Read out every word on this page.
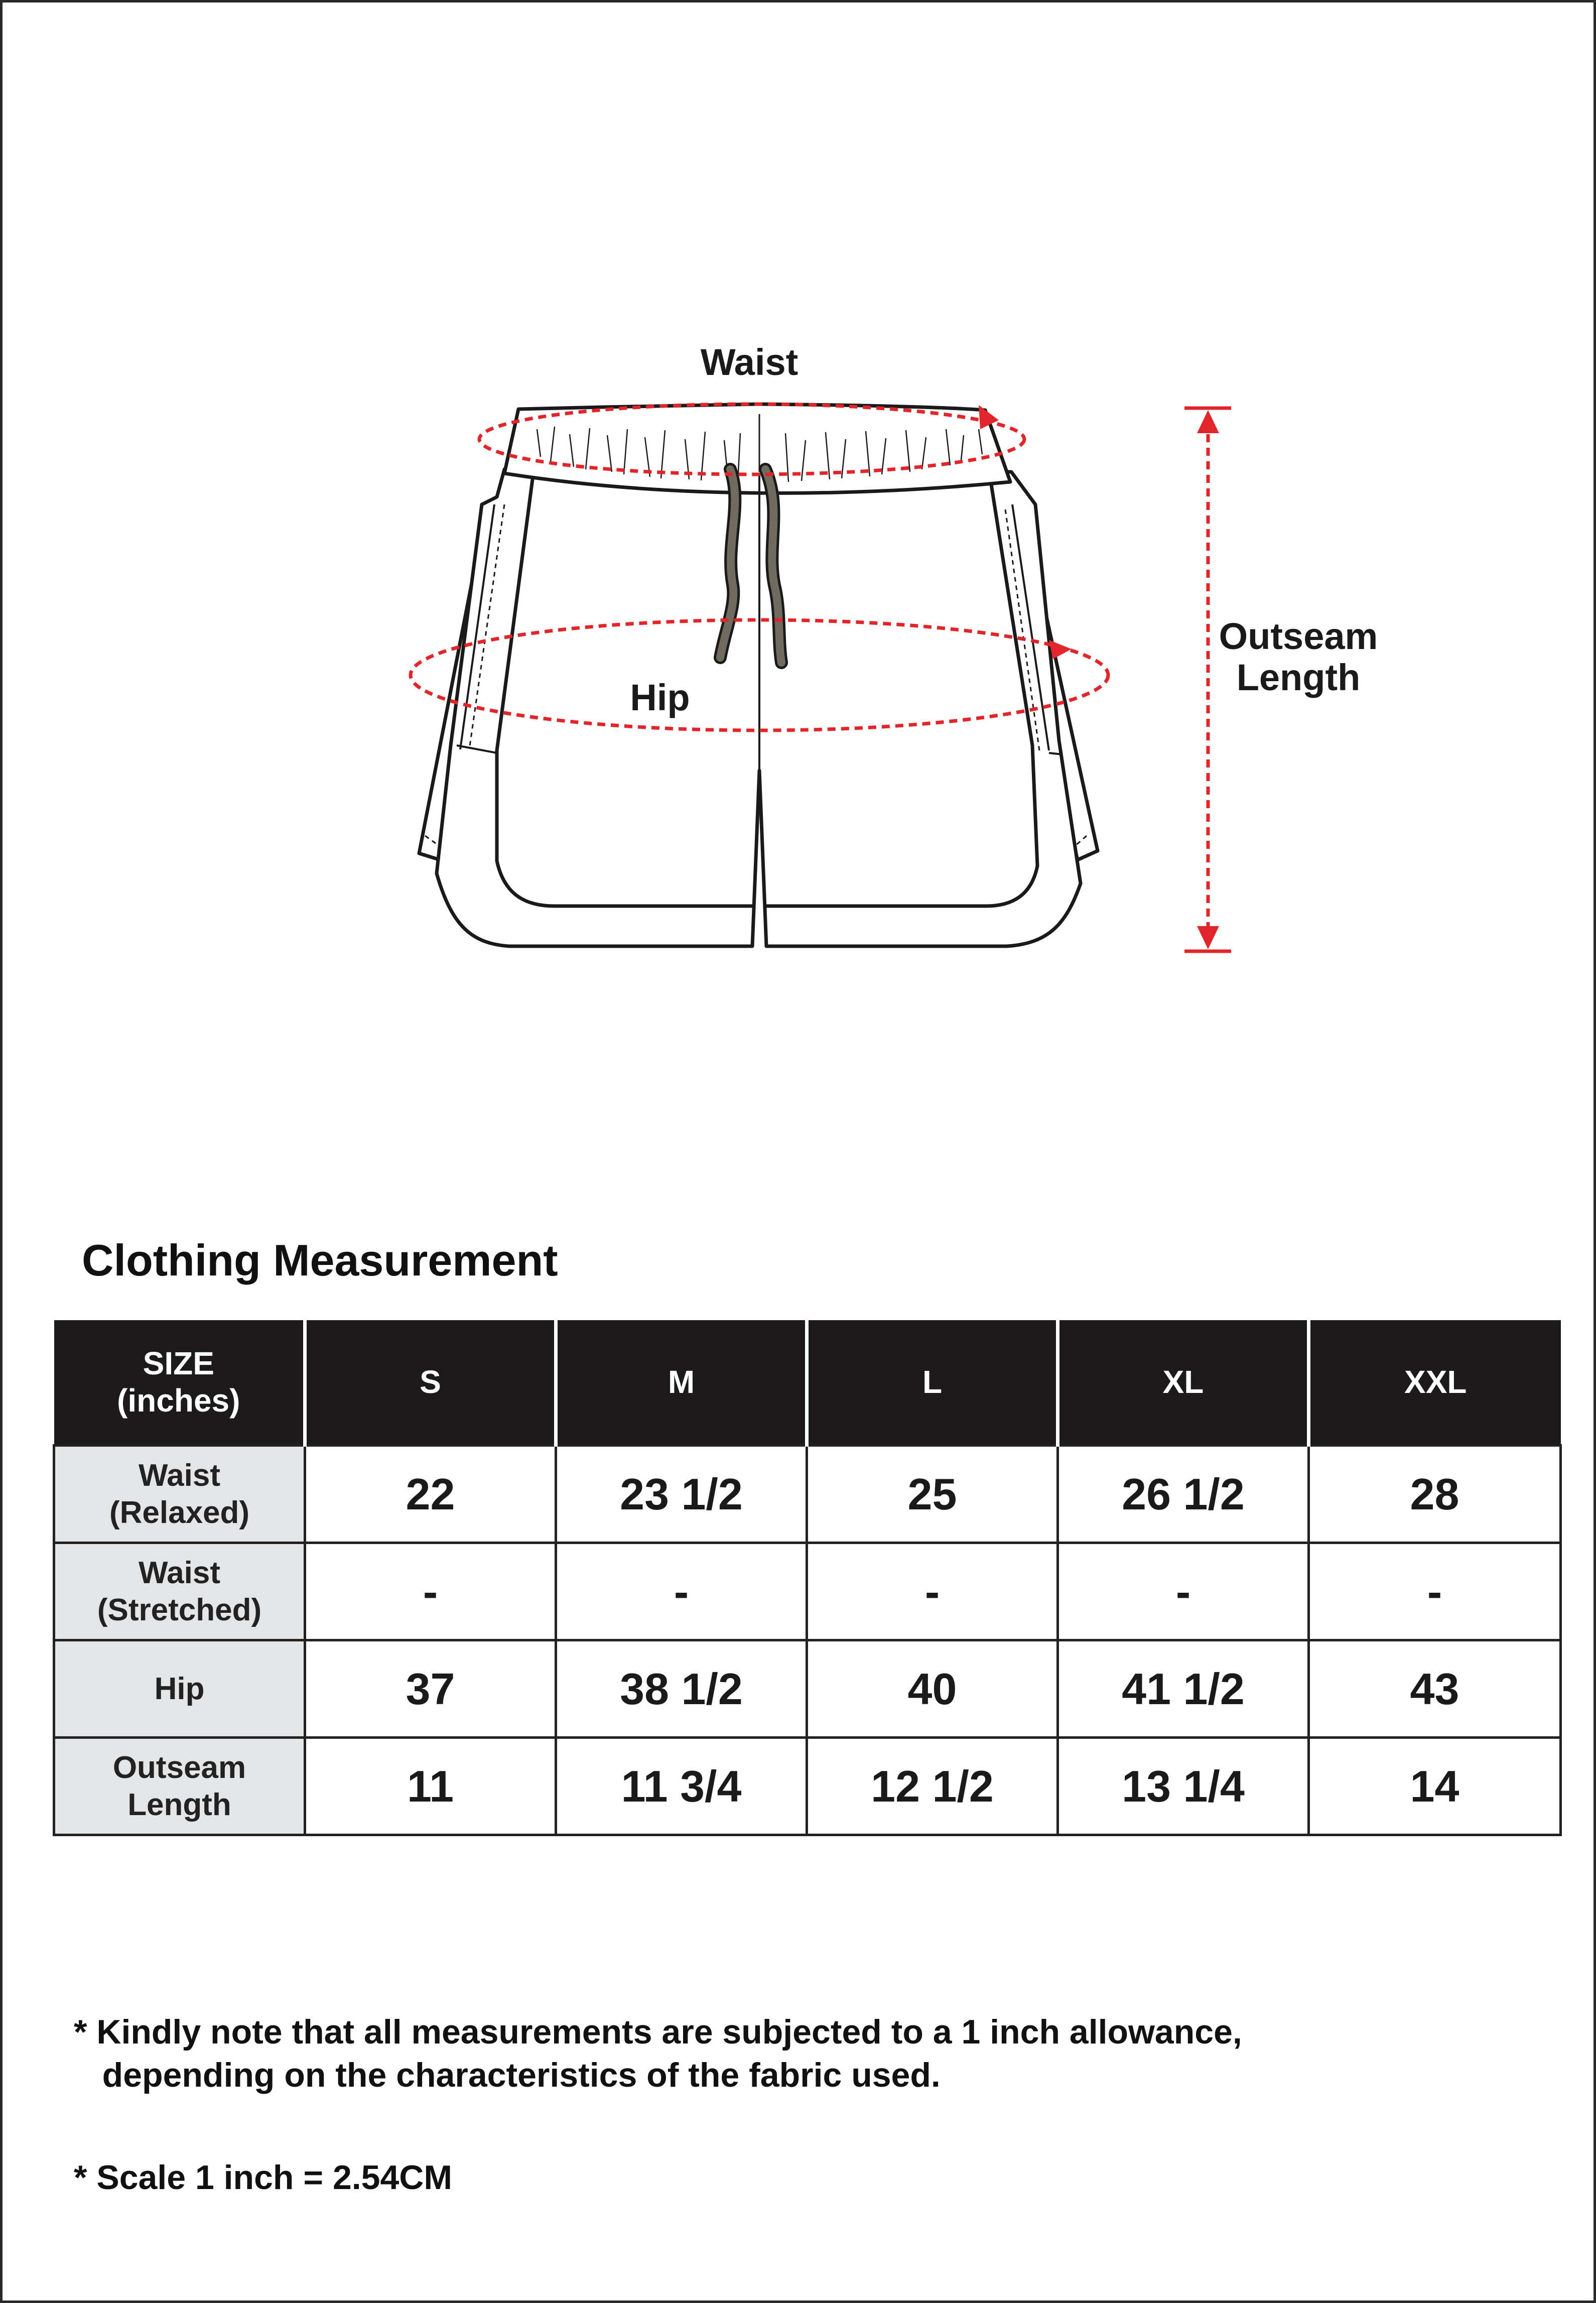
Waist
Hip
Outseam
Length
Clothing Measurement
SIZE
(inches)	S	M	L	XL	XXL

Waist
(Relaxed)	22	23 1/2	25	26 1/2	28

Waist
(Stretched)	-	-	-	-	-

Hip	37	38 1/2	40	41 1/2	43

Outseam
Length	11	11 3/4	12 1/2	13 1/4	14
* Kindly note that all measurements are subjected to a 1 inch allowance,
depending on the characteristics of the fabric used.
* Scale 1 inch = 2.54CM
